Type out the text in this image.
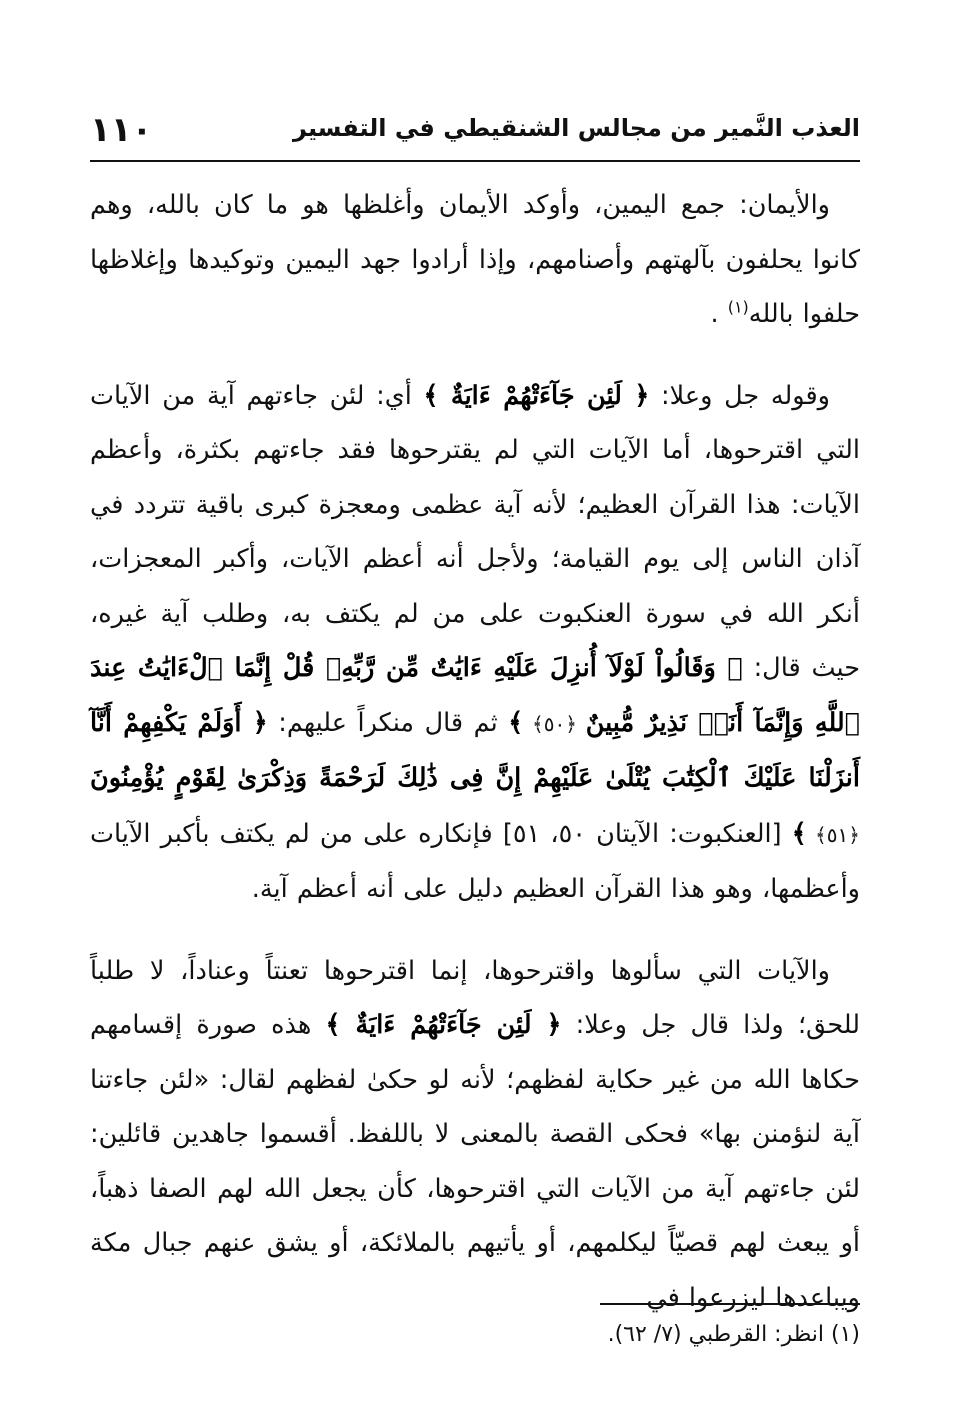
١١٠	العذب النَّمير من مجالس الشنقيطي في التفسير

والأيمان: جمع اليمين، وأوكد الأيمان وأغلظها هو ما كان بالله، وهم كانوا يحلفون بآلهتهم وأصنامهم، وإذا أرادوا جهد اليمين وتوكيدها وإغلاظها حلفوا بالله$^{(١)}$ .

وقوله جل وعلا: ﴿ لَئِن جَآءَتْهُمْ ءَايَةٌ ﴾ أي: لئن جاءتهم آية من الآيات التي اقترحوها، أما الآيات التي لم يقترحوها فقد جاءتهم بكثرة، وأعظم الآيات: هذا القرآن العظيم؛ لأنه آية عظمى ومعجزة كبرى باقية تتردد في آذان الناس إلى يوم القيامة؛ ولأجل أنه أعظم الآيات، وأكبر المعجزات، أنكر الله في سورة العنكبوت على من لم يكتف به، وطلب آية غيره، حيث قال: ﴿ وَقَالُواْ لَوْلَآ أُنزِلَ عَلَيْهِ ءَايَٰتٌ مِّن رَّبِّهِۦ قُلْ إِنَّمَا ٱلْءَايَٰتُ عِندَ ٱللَّهِ وَإِنَّمَآ أَنَا۠ نَذِيرٌ مُّبِينٌ ﴿٥٠﴾ ﴾ ثم قال منكراً عليهم: ﴿ أَوَلَمْ يَكْفِهِمْ أَنَّآ أَنزَلْنَا عَلَيْكَ ٱلْكِتَٰبَ يُتْلَىٰ عَلَيْهِمْ إِنَّ فِى ذَٰلِكَ لَرَحْمَةً وَذِكْرَىٰ لِقَوْمٍ يُؤْمِنُونَ ﴿٥١﴾ ﴾ [العنكبوت: الآيتان ٥٠، ٥١] فإنكاره على من لم يكتف بأكبر الآيات وأعظمها، وهو هذا القرآن العظيم دليل على أنه أعظم آية.

والآيات التي سألوها واقترحوها، إنما اقترحوها تعنتاً وعناداً، لا طلباً للحق؛ ولذا قال جل وعلا: ﴿ لَئِن جَآءَتْهُمْ ءَايَةٌ ﴾ هذه صورة إقسامهم حكاها الله من غير حكاية لفظهم؛ لأنه لو حكىٰ لفظهم لقال: «لئن جاءتنا آية لنؤمنن بها» فحكى القصة بالمعنى لا باللفظ. أقسموا جاهدين قائلين: لئن جاءتهم آية من الآيات التي اقترحوها، كأن يجعل الله لهم الصفا ذهباً، أو يبعث لهم قصيّاً ليكلمهم، أو يأتيهم بالملائكة، أو يشق عنهم جبال مكة ويباعدها ليزرعوا في

(١) انظر: القرطبي (٧/ ٦٢).
